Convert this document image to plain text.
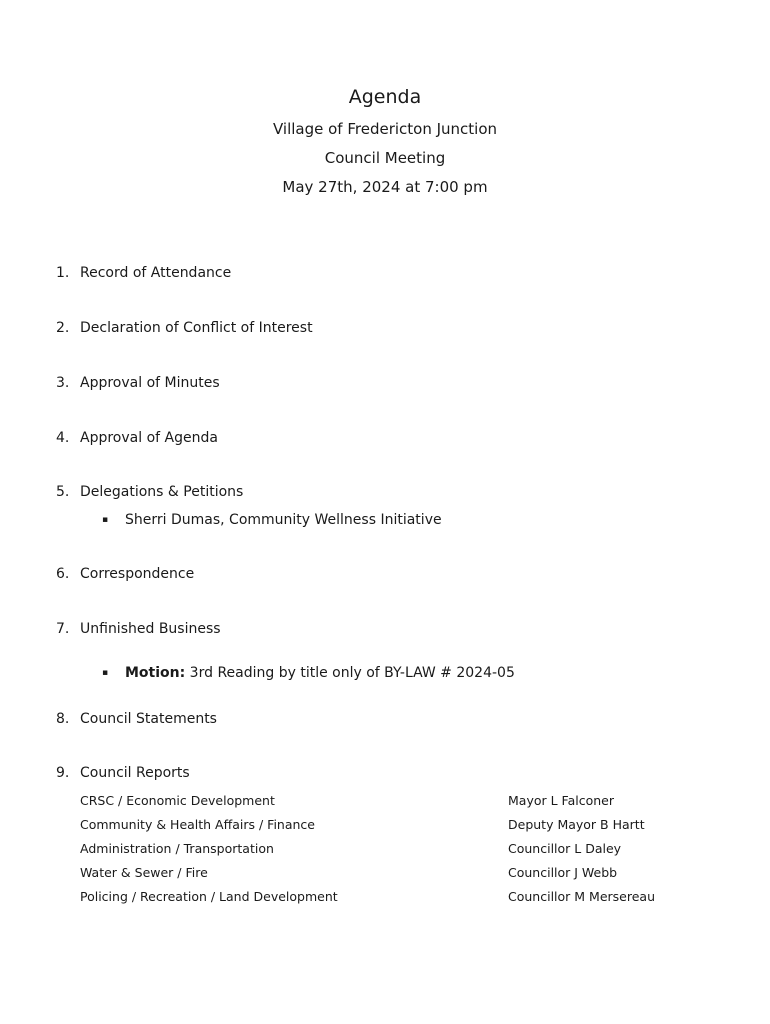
Agenda
Village of Fredericton Junction
Council Meeting
May 27th, 2024 at 7:00 pm
1. Record of Attendance
2. Declaration of Conflict of Interest
3. Approval of Minutes
4. Approval of Agenda
5. Delegations & Petitions
▪ Sherri Dumas, Community Wellness Initiative
6. Correspondence
7. Unfinished Business
▪ Motion: 3rd Reading by title only of BY-LAW # 2024-05
8. Council Statements
9. Council Reports
CRSC / Economic Development	Mayor L Falconer
Community & Health Affairs / Finance	Deputy Mayor B Hartt
Administration / Transportation	Councillor L Daley
Water & Sewer / Fire	Councillor J Webb
Policing / Recreation / Land Development	Councillor M Mersereau
